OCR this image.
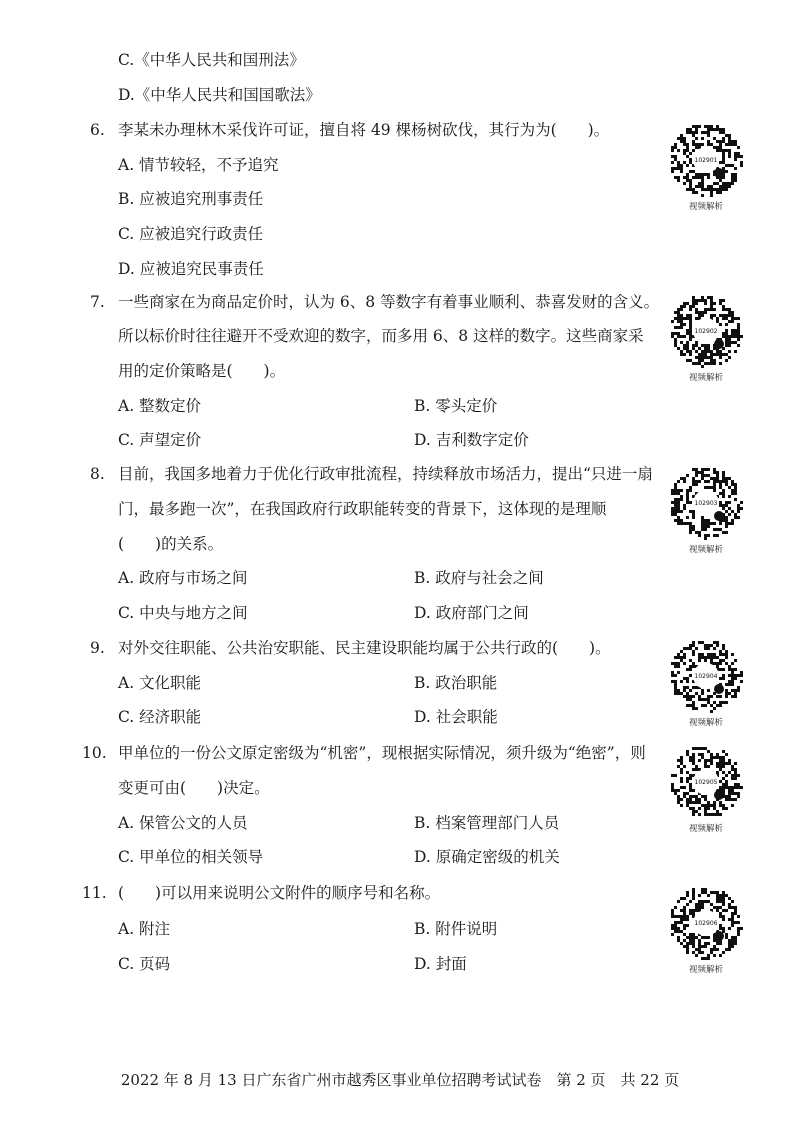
C.《中华人民共和国刑法》
D.《中华人民共和国国歌法》
6. 李某未办理林木采伐许可证，擅自将 49 棵杨树砍伐，其行为为(　　)。
A. 情节较轻，不予追究
B. 应被追究刑事责任
C. 应被追究行政责任
D. 应被追究民事责任
102901
视频解析
7. 一些商家在为商品定价时，认为 6、8 等数字有着事业顺利、恭喜发财的含义。
所以标价时往往避开不受欢迎的数字，而多用 6、8 这样的数字。这些商家采
用的定价策略是(　　)。
A. 整数定价	B. 零头定价
C. 声望定价	D. 吉利数字定价
102902
视频解析
8. 目前，我国多地着力于优化行政审批流程，持续释放市场活力，提出“只进一扇
门，最多跑一次”，在我国政府行政职能转变的背景下，这体现的是理顺
(　　)的关系。
A. 政府与市场之间	B. 政府与社会之间
C. 中央与地方之间	D. 政府部门之间
102903
视频解析
9. 对外交往职能、公共治安职能、民主建设职能均属于公共行政的(　　)。
A. 文化职能	B. 政治职能
C. 经济职能	D. 社会职能
102904
视频解析
10. 甲单位的一份公文原定密级为“机密”，现根据实际情况，须升级为“绝密”，则
变更可由(　　)决定。
A. 保管公文的人员	B. 档案管理部门人员
C. 甲单位的相关领导	D. 原确定密级的机关
102905
视频解析
11. (　　)可以用来说明公文附件的顺序号和名称。
A. 附注	B. 附件说明
C. 页码	D. 封面
102906
视频解析
2022 年 8 月 13 日广东省广州市越秀区事业单位招聘考试试卷　第 2 页　共 22 页
